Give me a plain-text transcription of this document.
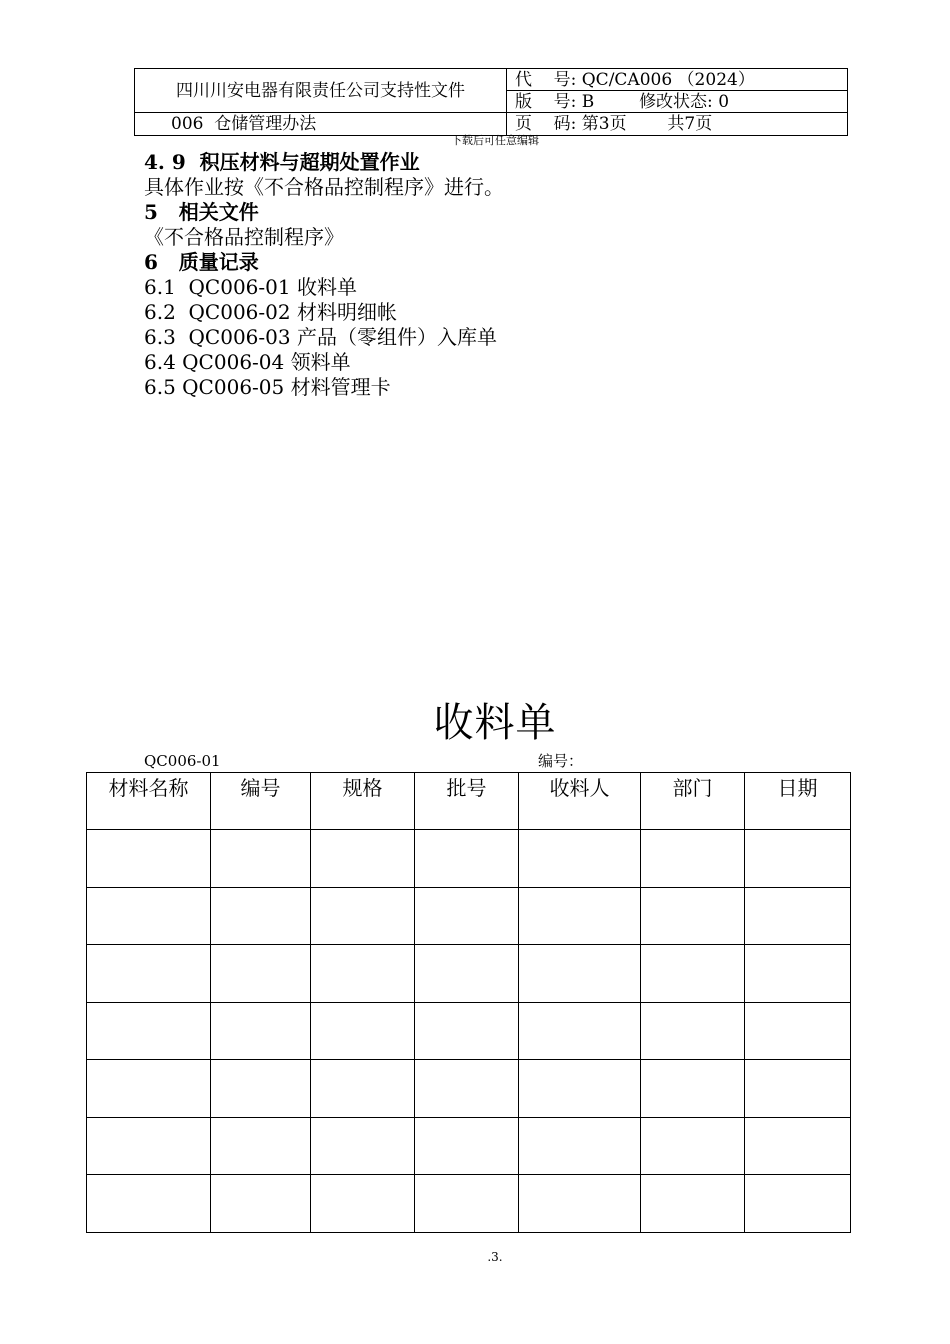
四川川安电器有限责任公司支持性文件	代    号: QC/CA006 （2024）
	版    号: B 修改状态: 0
006  仓储管理办法	页    码: 第3页 共7页
下载后可任意编辑
4. 9  积压材料与超期处置作业
具体作业按《不合格品控制程序》进行。
5   相关文件
《不合格品控制程序》
6   质量记录
6.1  QC006-01 收料单
6.2  QC006-02 材料明细帐
6.3  QC006-03 产品（零组件）入库单
6.4 QC006-04 领料单
6.5 QC006-05 材料管理卡
收料单
QC006-01	编号：
材料名称	编号	规格	批号	收料人	部门	日期

.3.
